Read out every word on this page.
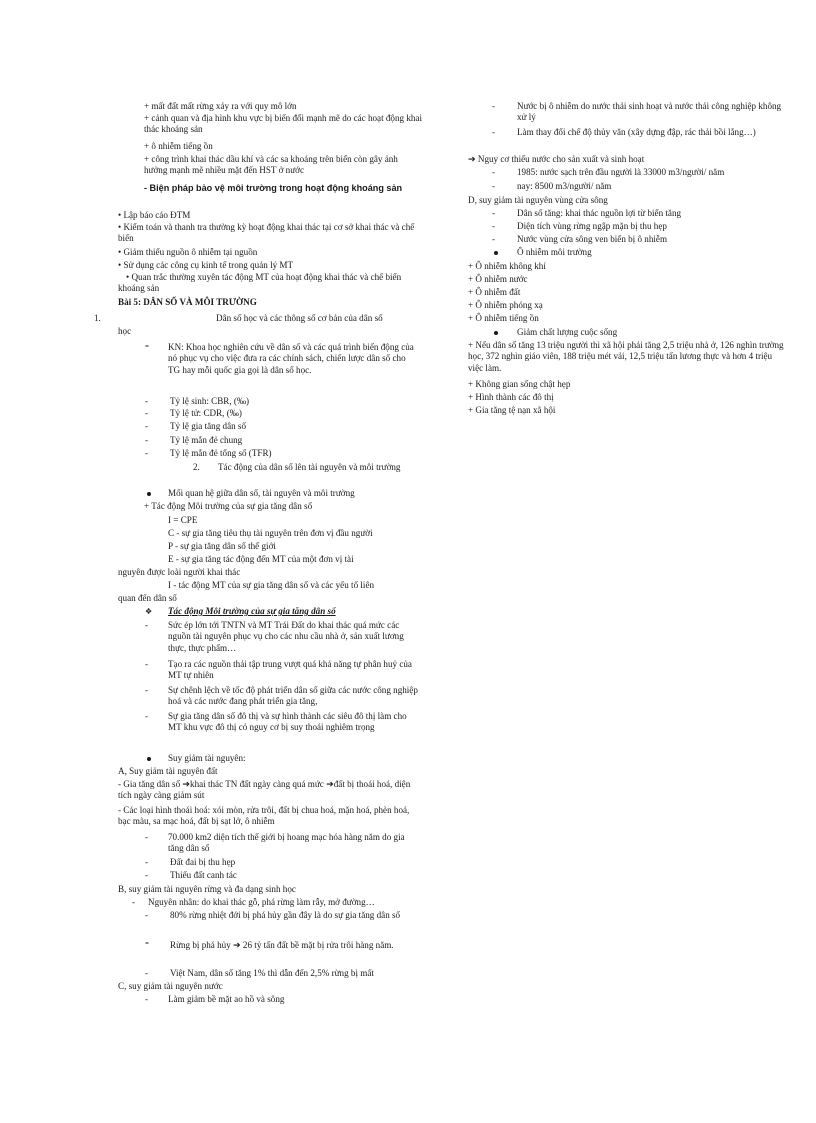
+ mất đất mất rừng xảy ra với quy mô lớn
+ cảnh quan và địa hình khu vực bị biến đổi mạnh mẽ do các hoạt động khai thác khoáng sản
+ ô nhiễm tiếng ồn
+ công trình khai thác dầu khí và các sa khoáng trên biển còn gây ảnh hưởng mạnh mẽ nhiều mặt đến HST ở nước
- Biện pháp bảo vệ môi trường trong hoạt động khoáng sản
• Lập báo cáo ĐTM
• Kiểm toán và thanh tra thường kỳ hoạt động khai thác tại cơ sở khai thác và chế biến
• Giảm thiểu nguồn ô nhiễm tại nguồn
• Sử dụng các công cụ kinh tế trong quản lý MT
• Quan trắc thường xuyên tác động MT của hoạt động khai thác và chế biến khoáng sản
Bài 5: DÂN SỐ VÀ MÔI TRƯỜNG
1.	Dân số học và các thông số cơ bản của dân số
học
- KN: Khoa học nghiên cứu về dân số và các quá trình biến động của nó phục vụ cho việc đưa ra các chính sách, chiến lược dân số cho TG hay mỗi quốc gia gọi là dân số học.
- Tỷ lệ sinh: CBR, (‰)
- Tỷ lệ tử: CDR, (‰)
- Tỷ lệ gia tăng dân số
- Tỷ lệ mắn đẻ chung
- Tỷ lệ mắn đẻ tổng số (TFR)
2. Tác động của dân số lên tài nguyên và môi trường
Mối quan hệ giữa dân số, tài nguyên và môi trường
+ Tác động Môi trường của sự gia tăng dân số
I = CPE
C - sự gia tăng tiêu thụ tài nguyên trên đơn vị đầu người
P - sự gia tăng dân số thế giới
E - sự gia tăng tác động đến MT của một đơn vị tài
nguyên được loài người khai thác
I - tác động MT của sự gia tăng dân số và các yếu tố liên
quan đến dân số
❖ Tác động Môi trường của sự gia tăng dân số
- Sức ép lớn tới TNTN và MT Trái Đất do khai thác quá mức các nguồn tài nguyên phục vụ cho các nhu cầu nhà ở, sản xuất lương thực, thực phẩm…
- Tạo ra các nguồn thải tập trung vượt quá khả năng tự phân huỷ của MT tự nhiên
- Sự chênh lệch về tốc độ phát triển dân số giữa các nước công nghiệp hoá và các nước đang phát triển gia tăng,
- Sự gia tăng dân số đô thị và sự hình thành các siêu đô thị làm cho MT khu vực đô thị có nguy cơ bị suy thoái nghiêm trọng
Suy giảm tài nguyên:
A, Suy giảm tài nguyên đất
- Gia tăng dân số ➔khai thác TN đất ngày càng quá mức ➔đất bị thoái hoá, diện tích ngày càng giảm sút
- Các loại hình thoái hoá: xói mòn, rửa trôi, đất bị chua hoá, mặn hoá, phèn hoá, bạc màu, sa mạc hoá, đất bị sạt lở, ô nhiễm
- 70.000 km2 diện tích thế giới bị hoang mạc hóa hàng năm do gia tăng dân số
- Đất đai bị thu hẹp
- Thiếu đất canh tác
B, suy giảm tài nguyên rừng và đa dạng sinh học
- Nguyên nhân: do khai thác gỗ, phá rừng làm rẫy, mở đường…
- 80% rừng nhiệt đới bị phá hủy gần đây là do sự gia tăng dân số
- Rừng bị phá hủy ➔ 26 tỷ tấn đất bề mặt bị rửa trôi hàng năm.
- Việt Nam, dân số tăng 1% thì dẫn đến 2,5% rừng bị mất
C, suy giảm tài nguyên nước
- Làm giảm bề mặt ao hồ và sông
- Nước bị ô nhiễm do nước thải sinh hoạt và nước thải công nghiệp không xử lý
- Làm thay đổi chế độ thủy văn (xây dựng đập, rác thải bồi lắng…)
➔ Nguy cơ thiếu nước cho sản xuất và sinh hoạt
- 1985: nước sạch trên đầu người là 33000 m3/người/ năm
- nay: 8500 m3/người/ năm
D, suy giảm tài nguyên vùng cửa sông
- Dân số tăng: khai thác nguồn lợi từ biển tăng
- Diện tích vùng rừng ngập mặn bị thu hẹp
- Nước vùng cửa sông ven biển bị ô nhiễm
Ô nhiễm môi trường
+ Ô nhiễm không khí
+ Ô nhiễm nước
+ Ô nhiễm đất
+ Ô nhiễm phóng xạ
+ Ô nhiễm tiếng ồn
Giảm chất lượng cuộc sống
+ Nếu dân số tăng 13 triệu người thì xã hội phải tăng 2,5 triệu nhà ở, 126 nghìn trường học, 372 nghìn giáo viên, 188 triệu mét vải, 12,5 triệu tấn lương thực và hơn 4 triệu việc làm.
+ Không gian sống chật hẹp
+ Hình thành các đô thị
+ Gia tăng tệ nạn xã hội
